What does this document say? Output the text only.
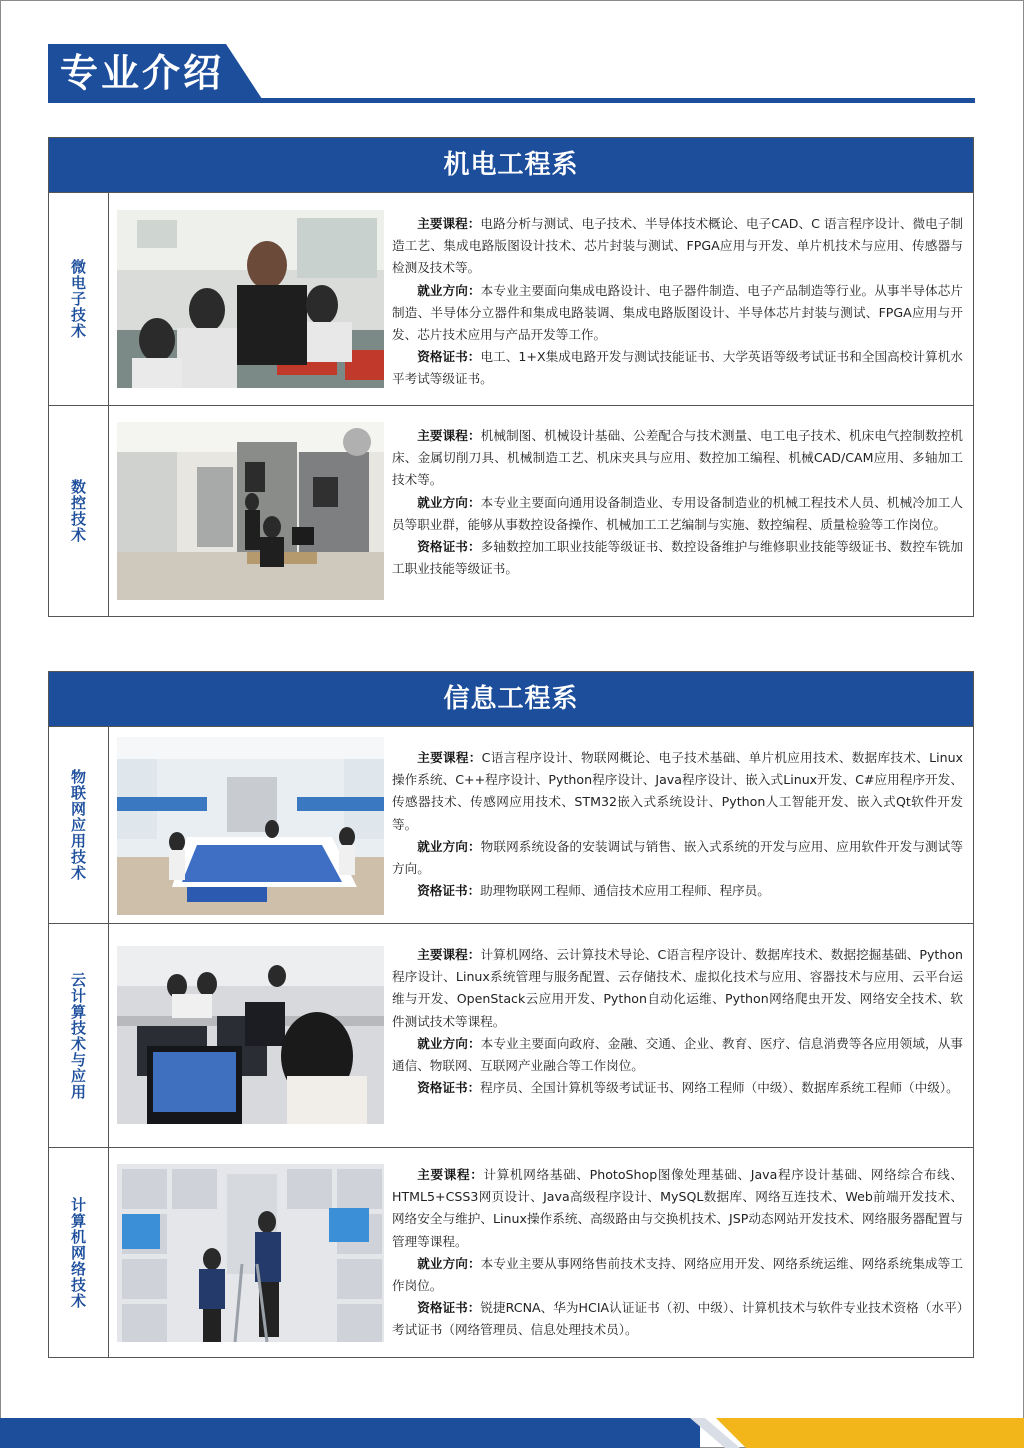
专业介绍
机电工程系
微电子技术

主要课程：电路分析与测试、电子技术、半导体技术概论、电子CAD、C 语言程序设计、微电子制造工艺、集成电路版图设计技术、芯片封装与测试、FPGA应用与开发、单片机技术与应用、传感器与检测及技术等。

就业方向：本专业主要面向集成电路设计、电子器件制造、电子产品制造等行业。从事半导体芯片制造、半导体分立器件和集成电路装调、集成电路版图设计、半导体芯片封装与测试、FPGA应用与开发、芯片技术应用与产品开发等工作。

资格证书：电工、1+X集成电路开发与测试技能证书、大学英语等级考试证书和全国高校计算机水平考试等级证书。

数控技术

主要课程：机械制图、机械设计基础、公差配合与技术测量、电工电子技术、机床电气控制数控机床、金属切削刀具、机械制造工艺、机床夹具与应用、数控加工编程、机械CAD/CAM应用、多轴加工技术等。

就业方向：本专业主要面向通用设备制造业、专用设备制造业的机械工程技术人员、机械冷加工人员等职业群，能够从事数控设备操作、机械加工工艺编制与实施、数控编程、质量检验等工作岗位。

资格证书：多轴数控加工职业技能等级证书、数控设备维护与维修职业技能等级证书、数控车铣加工职业技能等级证书。

信息工程系
物联网应用技术

主要课程：C语言程序设计、物联网概论、电子技术基础、单片机应用技术、数据库技术、Linux操作系统、C++程序设计、Python程序设计、Java程序设计、嵌入式Linux开发、C#应用程序开发、传感器技术、传感网应用技术、STM32嵌入式系统设计、Python人工智能开发、嵌入式Qt软件开发等。

就业方向：物联网系统设备的安装调试与销售、嵌入式系统的开发与应用、应用软件开发与测试等方向。

资格证书：助理物联网工程师、通信技术应用工程师、程序员。

云计算技术与应用

主要课程：计算机网络、云计算技术导论、C语言程序设计、数据库技术、数据挖掘基础、Python程序设计、Linux系统管理与服务配置、云存储技术、虚拟化技术与应用、容器技术与应用、云平台运维与开发、OpenStack云应用开发、Python自动化运维、Python网络爬虫开发、网络安全技术、软件测试技术等课程。

就业方向：本专业主要面向政府、金融、交通、企业、教育、医疗、信息消费等各应用领域，从事通信、物联网、互联网产业融合等工作岗位。

资格证书：程序员、全国计算机等级考试证书、网络工程师（中级）、数据库系统工程师（中级）。

计算机网络技术

主要课程：计算机网络基础、PhotoShop图像处理基础、Java程序设计基础、网络综合布线、HTML5+CSS3网页设计、Java高级程序设计、MySQL数据库、网络互连技术、Web前端开发技术、网络安全与维护、Linux操作系统、高级路由与交换机技术、JSP动态网站开发技术、网络服务器配置与管理等课程。

就业方向：本专业主要从事网络售前技术支持、网络应用开发、网络系统运维、网络系统集成等工作岗位。

资格证书：锐捷RCNA、华为HCIA认证证书（初、中级）、计算机技术与软件专业技术资格（水平）考试证书（网络管理员、信息处理技术员）。
